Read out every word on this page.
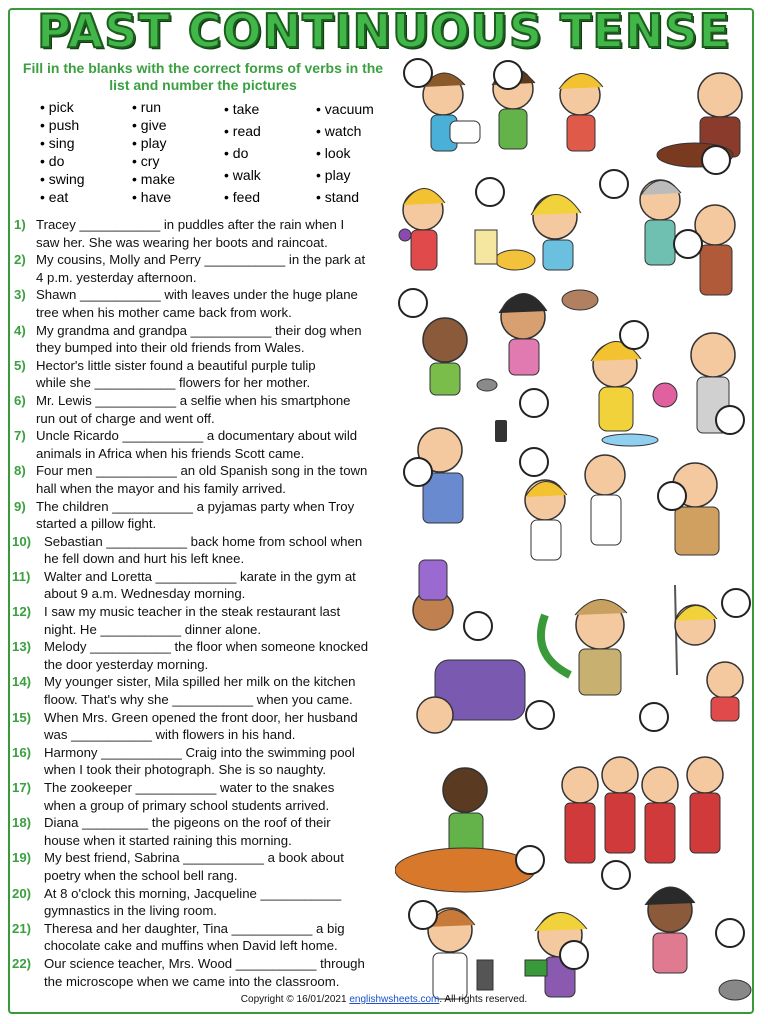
PAST CONTINUOUS TENSE
Fill in the blanks with the correct forms of verbs in the list and number the pictures
• pick
• push
• sing
• do
• swing
• eat
• run
• give
• play
• cry
• make
• have
• take
• read
• do
• walk
• feed
• vacuum
• watch
• look
• play
• stand
1) Tracey ___________ in puddles after the rain when I
saw her. She was wearing her boots and raincoat.
2) My cousins, Molly and Perry ___________ in the park at
4 p.m. yesterday afternoon.
3) Shawn ___________ with leaves under the huge plane
tree when his mother came back from work.
4) My grandma and grandpa ___________ their dog when
they bumped into their old friends from Wales.
5) Hector's little sister found a beautiful purple tulip
while she ___________ flowers for her mother.
6) Mr. Lewis ___________ a selfie when his smartphone
run out of charge and went off.
7) Uncle Ricardo ___________ a documentary about wild
animals in Africa when his friends Scott came.
8) Four men ___________ an old Spanish song in the town
hall when the mayor and his family arrived.
9) The children ___________ a pyjamas party when Troy
started a pillow fight.
10) Sebastian ___________ back home from school when
he fell down and hurt his left knee.
11) Walter and Loretta ___________ karate in the gym at
about 9 a.m. Wednesday morning.
12) I saw my music teacher in the steak restaurant last
night. He ___________ dinner alone.
13) Melody ___________ the floor when someone knocked
the door yesterday morning.
14) My younger sister, Mila spilled her milk on the kitchen
floow. That's why she ___________ when you came.
15) When Mrs. Green opened the front door, her husband
was ___________ with flowers in his hand.
16) Harmony ___________ Craig into the swimming pool
when I took their photograph. She is so naughty.
17) The zookeeper ___________ water to the snakes
when a group of primary school students arrived.
18) Diana _________ the pigeons on the roof of their
house when it started raining this morning.
19) My best friend, Sabrina ___________ a book about
poetry when the school bell rang.
20) At 8 o'clock this morning, Jacqueline ___________
gymnastics in the living room.
21) Theresa and her daughter, Tina ___________ a big
chocolate cake and muffins when David left home.
22) Our science teacher, Mrs. Wood ___________ through
the microscope when we came into the classroom.
Copyright © 16/01/2021 englishwsheets.com. All rights reserved.
